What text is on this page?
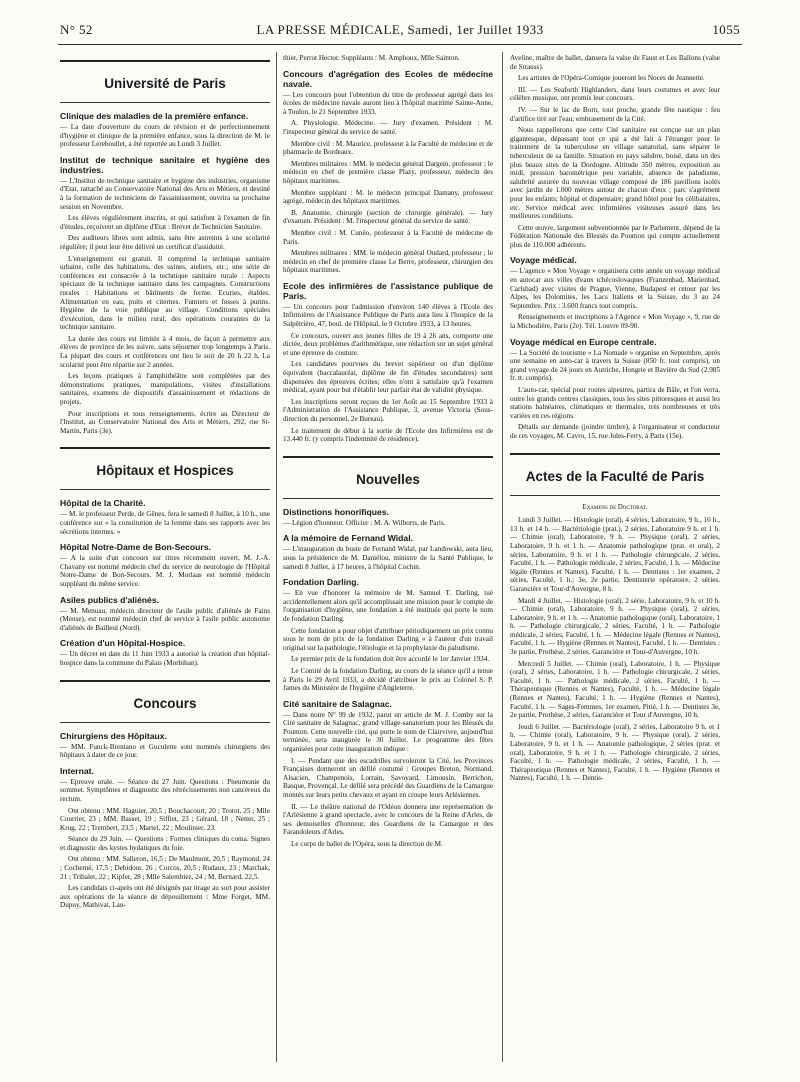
N° 52	LA PRESSE MÉDICALE, Samedi, 1er Juillet 1933	1055
Université de Paris
Clinique des maladies de la première enfance.
— La date d'ouverture du cours de révision et de perfectionnement d'hygiène et clinique de la première enfance, sous la direction de M. le professeur Lereboullet, a été reportée au Lundi 3 Juillet.
Institut de technique sanitaire et hygiène des industries.
— L'Institut de technique sanitaire et hygiène des industries, organisme d'Etat, rattaché au Conservatoire National des Arts et Métiers, et destiné à la formation de techniciens de l'assainissement, ouvrira sa prochaine session en Novembre.
Les élèves régulièrement inscrits, et qui satisfont à l'examen de fin d'études, reçoivent un diplôme d'Etat : Brevet de Technicien Sanitaire.
Des auditeurs libres sont admis, sans être astreints à une scolarité régulière; il peut leur être délivré un certificat d'assiduité.
L'enseignement est gratuit. Il comprend la technique sanitaire urbaine, celle des habitations, des usines, ateliers, etc.; une série de conférences est consacrée à la technique sanitaire rurale : Aspects spéciaux de la technique sanitaire dans les campagnes. Constructions rurales : Habitations et bâtiments de ferme. Ecuries, étables. Alimentation en eau, puits et citernes. Fumiers et fosses à purins. Hygiène de la voie publique au village. Conditions spéciales d'exécution, dans le milieu rural, des opérations courantes de la technique sanitaire.
La durée des cours est limitée à 4 mois, de façon à permettre aux élèves de province de les suivre, sans séjourner trop longtemps à Paris. La plupart des cours et conférences ont lieu le soir de 20 h 22 h. La scolarité peut être répartie sur 2 années.
Les leçons pratiques à l'amphithéâtre sont complétées par des démonstrations pratiques, manipulations, visites d'installations sanitaires, examens de dispositifs d'assainissement et rédactions de projets.
Pour inscriptions et tous renseignements, écrire au Directeur de l'Institut, au Conservatoire National des Arts et Métiers, 292, rue St-Martin, Paris (3e).
Hôpitaux et Hospices
Hôpital de la Charité.
— M. le professeur Perde, de Gênes, fera le samedi 8 Juillet, à 10 h., une conférence sur « la constitution de la femme dans ses rapports avec les sécrétions internes. »
Hôpital Notre-Dame de Bon-Secours.
— A la suite d'un concours sur titres récemment ouvert, M. J.-A. Chavany est nommé médecin chef du service de neurologie de l'Hôpital Notre-Dame de Bon-Secours. M. J. Morlaas est nommé médecin suppléant du même service.
Asiles publics d'aliénés.
— M. Menuau, médecin directeur de l'asile public d'aliénés de Fains (Meuse), est nommé médecin chef de service à l'asile public autonome d'aliénés de Bailleul (Nord).
Création d'un Hôpital-Hospice.
— Un décret en date du 11 Juin 1933 a autorisé la création d'un hôpital-hospice dans la commune du Palais (Morbihan).
Concours
Chirurgiens des Hôpitaux.
— MM. Funck-Brentano et Guculette sont nommés chirurgiens des hôpitaux à dater de ce jour.
Internat.
— Epreuve orale. — Séance du 27 Juin. Questions : Pneumonie du sommet. Symptômes et diagnostic des rétrécissements non cancéreux du rectum.
Ont obtenu : MM. Haguier, 20,5 ; Bouchacourt, 20 ; Trotot, 25 ; Mlle Courrier, 23 ; MM. Basset, 19 ; Siffiet, 23 ; Gérard, 18 ; Netter, 25 ; Krug, 22 ; Trembert, 23,5 ; Martel, 22 ; Moulinier, 23.
Séance du 29 Juin. — Questions : Formes cliniques du coma. Signes et diagnostic des kystes hydatiques du foie.
Ont obtenu : MM. Salleron, 16,5 ; De Maulmont, 20,5 ; Raymond, 24 ; Cochemé, 17,5 ; Debidour, 26 ; Corcos, 20,5 ; Rudaux, 23 ; Marchak, 21 ; Tribalet, 22 ; Kipfer, 28 ; Mlle Salembiez, 24 ; M. Bernard, 22,5.
Les candidats ci-après ont été désignés par tirage au sort pour assister aux opérations de la séance de dépouillement : Mme Forget, MM. Dupuy, Mathivat, Lau-
thier, Perrot Hector. Suppléants : M. Amphoux, Mlle Sainton.
Concours d'agrégation des Ecoles de médecine navale.
— Les concours pour l'obtention du titre de professeur agrégé dans les écoles de médecine navale auront lieu à l'hôpital maritime Sainte-Anne, à Toulon, le 21 Septembre 1933.
A. Physiologie. Médecine. — Jury d'examen. Président : M. l'inspecteur général du service de santé.
Membre civil : M. Maurice, professeur à la Faculté de médecine et de pharmacie de Bordeaux.
Membres militaires : MM. le médecin général Dargein, professeur ; le médecin en chef de première classe Plazy, professeur, médecin des hôpitaux maritimes.
Membre suppléant : M. le médecin principal Damany, professeur agrégé, médecin des hôpitaux maritimes.
B. Anatomie, chirurgie (section de chirurgie générale). — Jury d'examen. Président : M. l'inspecteur général du service de santé.
Membre civil : M. Cunéo, professeur à la Faculté de médecine de Paris.
Membres militaires : MM. le médecin général Oudard, professeur ; le médecin en chef de première classe Le Berre, professeur, chirurgien des hôpitaux maritimes.
Ecole des infirmières de l'assistance publique de Paris.
— Un concours pour l'admission d'environ 140 élèves à l'Ecole des Infirmières de l'Assistance Publique de Paris aura lieu à l'hospice de la Salpêtrière, 47, boul. de l'Hôpital, le 9 Octobre 1933, à 13 heures.
Ce concours, ouvert aux jeunes filles de 19 à 26 ans, comporte une dictée, deux problèmes d'arithmétique, une rédaction sur un sujet général et une épreuve de couture.
Les candidates pourvues du brevet supérieur ou d'un diplôme équivalent (baccalauréat, diplôme de fin d'études secondaires) sont dispensées des épreuves écrites; elles n'ont à satisfaire qu'à l'examen médical, ayant pour but d'établir leur parfait état de validité physique.
Les inscriptions seront reçues du 1er Août au 15 Septembre 1933 à l'Administration de l'Assistance Publique, 3, avenue Victoria (Sous-direction du personnel, 2e Bureau).
Le traitement de début à la sortie de l'Ecole des Infirmières est de 13.440 fr. (y compris l'indemnité de résidence).
Nouvelles
Distinctions honorifiques.
— Légion d'honneur. Officier : M. A. Wilborts, de Paris.
A la mémoire de Fernand Widal.
— L'inauguration du buste de Fernand Widal, par Landowski, aura lieu, sous la présidence de M. Daniélou, ministre de la Santé Publique, le samedi 8 Juillet, à 17 heures, à l'hôpital Cochin.
Fondation Darling.
— En vue d'honorer la mémoire de M. Samuel T. Darling, tué accidentellement alors qu'il accomplissait une mission pour le compte de l'organisation d'hygiène, une fondation a été instituée qui porte le nom de fondation Darling.
Cette fondation a pour objet d'attribuer périodiquement un prix connu sous le nom de prix de la fondation Darling « à l'auteur d'un travail original sur la pathologie, l'étiologie et la prophylaxie du paludisme.
Le premier prix de la fondation doit être accordé le 1er Janvier 1934.
Le Comité de la fondation Darling, au cours de la séance qu'il a tenue à Paris le 29 Avril 1933, a décidé d'attribuer le prix au Colonel S. P. James du Ministère de l'hygiène d'Angleterre.
Cité sanitaire de Salagnac.
— Dans notre N° 99 de 1932, parut un article de M. J. Comby sur la Cité sanitaire de Salagnac, grand village-sanatorium pour les Blessés du Poumon. Cette nouvelle cité, qui porte le nom de Clairvivre, aujourd'hui terminée, sera inaugurée le 30 Juillet. Le programme des fêtes organisées pour cette inauguration indique :
I. — Pendant que des escadrilles survoleront la Cité, les Provinces Françaises donneront un défilé costumé : Groupes Breton, Normand, Alsacien, Champenois, Lorrain, Savoyard, Limousin, Berrichon, Basque, Provençal. Le défilé sera précédé des Guardiens de la Camargue montés sur leurs petits chevaux et ayant en croupe leurs Arlésiennes.
II. — Le théâtre national de l'Odéon donnera une représentation de l'Arlésienne à grand spectacle, avec le concours de la Reine d'Arles, de ses demoiselles d'honneur, des Guardiens de la Camargue et des Farandoleurs d'Arles.
Le corps de ballet de l'Opéra, sous la direction de M.
Aveline, maître de ballet, dansera la valse de Faust et Les Ballons (valse de Strauss).
Les artistes de l'Opéra-Comique joueront les Noces de Jeannette.
III. — Les Seaforth Highlanders, dans leurs costumes et avec leur célèbre musique, ont promis leur concours.
IV. — Sur le lac de Born, tout proche, grande fête nautique : feu d'artifice tiré sur l'eau; embrasement de la Cité.
Nous rappellerons que cette Cité sanitaire est conçue sur un plan gigantesque, dépassant tout ce qui a été fait à l'étranger pour le traitement de la tuberculose en village sanatorial, sans séparer le tuberculeux de sa famille. Situation en pays salubre, boisé, dans un des plus beaux sites de la Dordogne. Altitude 350 mètres, exposition au midi, pression barométrique peu variable, absence de paludisme, salubrité assurée du nouveau village composé de 186 pavillons isolés avec jardin de 1.000 mètres autour de chacun d'eux ; parc s'agrément pour les enfants; hôpital et dispensaire; grand hôtel pour les célibataires, etc. Service médical avec infirmières visiteuses assuré dans les meilleures conditions.
Cette œuvre, largement subventionnée par le Parlement, dépend de la Fédération Nationale des Blessés du Poumon qui compte actuellement plus de 110.000 adhérents.
Voyage médical.
— L'agence « Mon Voyage » organisera cette année un voyage médical en autocar aux villes d'eaux tchécoslovaques (Franzenbad, Marienbad, Carlsbad) avec visites de Prague, Vienne, Budapest et retour par les Alpes, les Dolomites, les Lacs Italiens et la Suisse, du 3 au 24 Septembre. Prix : 3.600 francs tout compris.
Renseignements et inscriptions à l'Agence « Mon Voyage », 9, rue de la Michodière, Paris (2e). Tél. Louvre 09-90.
Voyage médical en Europe centrale.
— La Société de tourisme « La Nomade » organise en Septembre, après une semaine en auto-car à travers la Suisse (850 fr. tout compris), un grand voyage de 24 jours en Autriche, Hongrie et Bavière du Sud (2.985 fr. tt. compris).
L'auto-car, spécial pour routes alpestres, partira de Bâle, et l'on verra, outre les grands centres classiques, tous les sites pittoresques et aussi les stations balnéaires, climatiques et thermales, très nombreuses et très variées en ces régions.
Détails sur demande (joindre timbre), à l'organisateur et conducteur de ces voyages, M. Cavro, 15, rue Jules-Ferry, à Paris (15e).
Actes de la Faculté de Paris
Examens de Doctorat.
Lundi 3 Juillet. — Histologie (oral), 4 séries, Laboratoire, 9 h., 10 h., 13 h. et 14 h. — Bactériologie (prat.), 2 séries, Laboratoire 9 h. et 1 h. — Chimie (oral), Laboratoire, 9 h. — Physique (oral), 2 séries, Laboratoire, 9 h. et 1 h. — Anatomie pathologique (prat. et oral), 2 séries, Laboratoire, 9 h. et 1 h. — Pathologie chirurgicale, 2 séries, Faculté, 1 h. — Pathologie médicale, 2 séries, Faculté, 1 h. — Médecine légale (Rennes et Nantes), Faculté, 1 h. — Dentistes : 1er examen, 2 séries, Faculté, 1 h.; 3e, 2e partie, Dentisterie opératoire, 2 séries. Garancière et Tour-d'Auvergne, 8 h.
Mardi 4 Juillet. — Histologie (oral), 2 série, Laboratoire, 9 h. et 10 h. — Chimie (oral), Laboratoire, 9 h. — Physique (oral), 2 séries, Laboratoire, 9 h. et 1 h. — Anatomie pathologique (oral), Laboratoire, 1 h. — Pathologie chirurgicale, 2 séries, Faculté, 1 h. — Pathologie médicale, 2 séries, Faculté, 1 h. — Médecine légale (Rennes et Nantes), Faculté, 1 h. — Hygiène (Rennes et Nantes), Faculté, 1 h. — Dentistes : 3e partie, Prothèse, 2 séries. Garancière et Tour-d'Auvergne, 10 h.
Mercredi 5 Juillet. — Chimie (oral), Laboratoire, 1 h. — Physique (oral), 2 séries, Laboratoire, 1 h. — Pathologie chirurgicale, 2 séries, Faculté, 1 h. — Pathologie médicale, 2 séries, Faculté, 1 h. — Thérapeutique (Rennes et Nantes), Faculté, 1 h. — Médecine légale (Rennes et Nantes), Faculté, 1 h. — Hygiène (Rennes et Nantes), Faculté, 1 h. — Sages-Femmes, 1er examen, Pitié, 1 h. — Dentistes 3e, 2e partie, Prothèse, 2 séries, Garancière et Tour d'Auvergne, 10 h.
Jeudi 6 Juillet. — Bactériologie (oral), 2 séries, Laboratoire 9 h. et 1 h. — Chimie (oral), Laboratoire, 9 h. — Physique (oral), 2 séries, Laboratoire, 9 h. et 1 h. — Anatomie pathologique, 2 séries (prat. et oral), Laboratoire, 9 h. et 1 h. — Pathologie chirurgicale, 2 séries, Faculté, 1 h. — Pathologie médicale, 2 séries, Faculté, 1 h. — Thérapeutique (Rennes et Nantes), Faculté, 1 h. — Hygiène (Rennes et Nantes), Faculté, 1 h. — Dentis-
